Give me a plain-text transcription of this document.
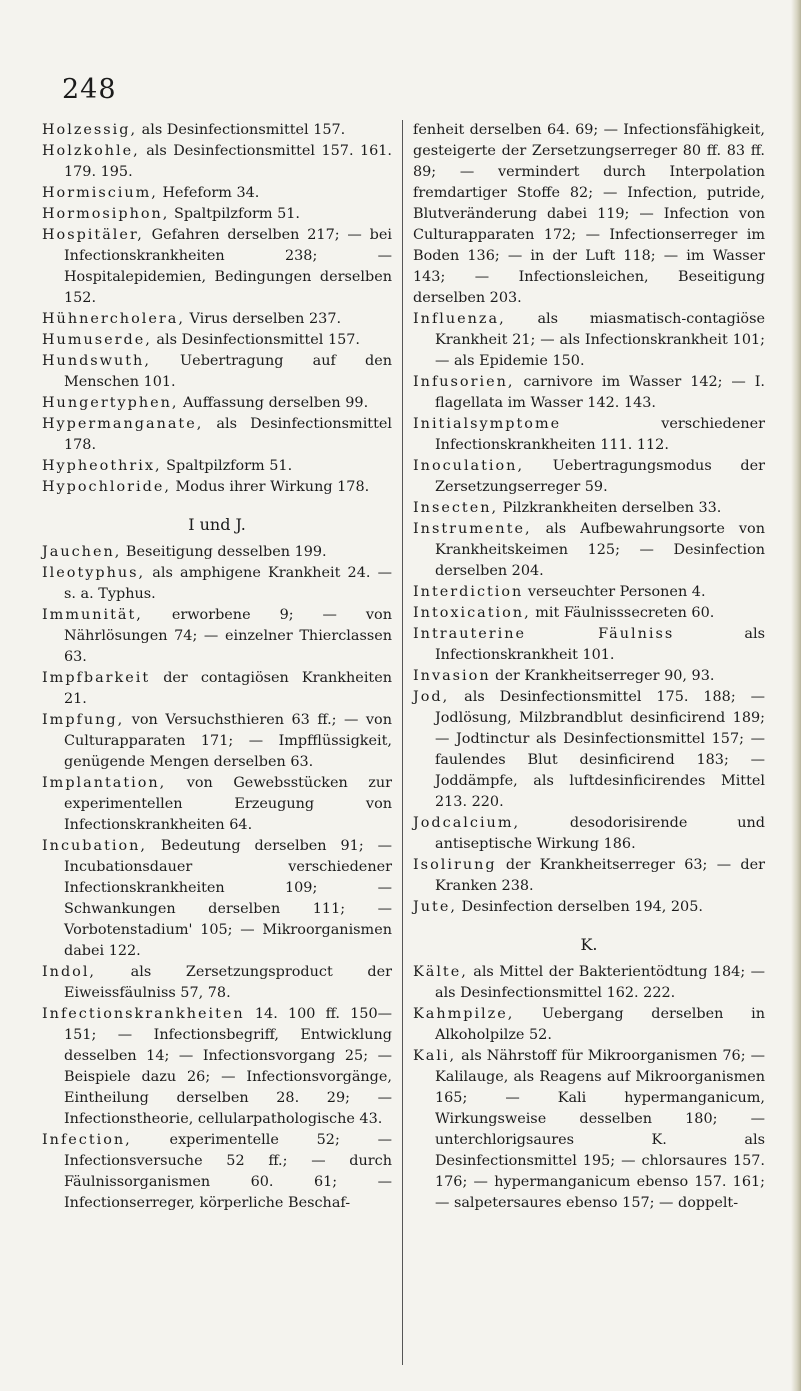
248

Holzessig, als Desinfectionsmittel 157.

Holzkohle, als Desinfectionsmittel 157. 161. 179. 195.

Hormiscium, Hefeform 34.

Hormosiphon, Spaltpilzform 51.

Hospitäler, Gefahren derselben 217; — bei Infectionskrankheiten 238; — Hospitalepidemien, Bedingungen derselben 152.

Hühnercholera, Virus derselben 237.

Humuserde, als Desinfectionsmittel 157.

Hundswuth, Uebertragung auf den Menschen 101.

Hungertyphen, Auffassung derselben 99.

Hypermanganate, als Desinfectionsmittel 178.

Hypheothrix, Spaltpilzform 51.

Hypochloride, Modus ihrer Wirkung 178.

I und J.

Jauchen, Beseitigung desselben 199.

Ileotyphus, als amphigene Krankheit 24. — s. a. Typhus.

Immunität, erworbene 9; — von Nährlösungen 74; — einzelner Thierclassen 63.

Impfbarkeit der contagiösen Krankheiten 21.

Impfung, von Versuchsthieren 63 ff.; — von Culturapparaten 171; — Impfflüssigkeit, genügende Mengen derselben 63.

Implantation, von Gewebsstücken zur experimentellen Erzeugung von Infectionskrankheiten 64.

Incubation, Bedeutung derselben 91; — Incubationsdauer verschiedener Infectionskrankheiten 109; — Schwankungen derselben 111; — Vorbotenstadium' 105; — Mikroorganismen dabei 122.

Indol, als Zersetzungsproduct der Eiweissfäulniss 57, 78.

Infectionskrankheiten 14. 100 ff. 150—151; — Infectionsbegriff, Entwicklung desselben 14; — Infectionsvorgang 25; — Beispiele dazu 26; — Infectionsvorgänge, Eintheilung derselben 28. 29; — Infectionstheorie, cellularpathologische 43.

Infection, experimentelle 52; — Infectionsversuche 52 ff.; — durch Fäulnissorganismen 60. 61; — Infectionserreger, körperliche Beschaf-

fenheit derselben 64. 69; — Infectionsfähigkeit, gesteigerte der Zersetzungserreger 80 ff. 83 ff. 89; — vermindert durch Interpolation fremdartiger Stoffe 82; — Infection, putride, Blutveränderung dabei 119; — Infection von Culturapparaten 172; — Infectionserreger im Boden 136; — in der Luft 118; — im Wasser 143; — Infectionsleichen, Beseitigung derselben 203.

Influenza, als miasmatisch-contagiöse Krankheit 21; — als Infectionskrankheit 101; — als Epidemie 150.

Infusorien, carnivore im Wasser 142; — I. flagellata im Wasser 142. 143.

Initialsymptome verschiedener Infectionskrankheiten 111. 112.

Inoculation, Uebertragungsmodus der Zersetzungserreger 59.

Insecten, Pilzkrankheiten derselben 33.

Instrumente, als Aufbewahrungsorte von Krankheitskeimen 125; — Desinfection derselben 204.

Interdiction verseuchter Personen 4.

Intoxication, mit Fäulnisssecreten 60.

Intrauterine Fäulniss als Infectionskrankheit 101.

Invasion der Krankheitserreger 90, 93.

Jod, als Desinfectionsmittel 175. 188; — Jodlösung, Milzbrandblut desinficirend 189; — Jodtinctur als Desinfectionsmittel 157; — faulendes Blut desinficirend 183; — Joddämpfe, als luftdesinficirendes Mittel 213. 220.

Jodcalcium, desodorisirende und antiseptische Wirkung 186.

Isolirung der Krankheitserreger 63; — der Kranken 238.

Jute, Desinfection derselben 194, 205.

K.

Kälte, als Mittel der Bakterientödtung 184; — als Desinfectionsmittel 162. 222.

Kahmpilze, Uebergang derselben in Alkoholpilze 52.

Kali, als Nährstoff für Mikroorganismen 76; — Kalilauge, als Reagens auf Mikroorganismen 165; — Kali hypermanganicum, Wirkungsweise desselben 180; — unterchlorigsaures K. als Desinfectionsmittel 195; — chlorsaures 157. 176; — hypermanganicum ebenso 157. 161; — salpetersaures ebenso 157; — doppelt-
